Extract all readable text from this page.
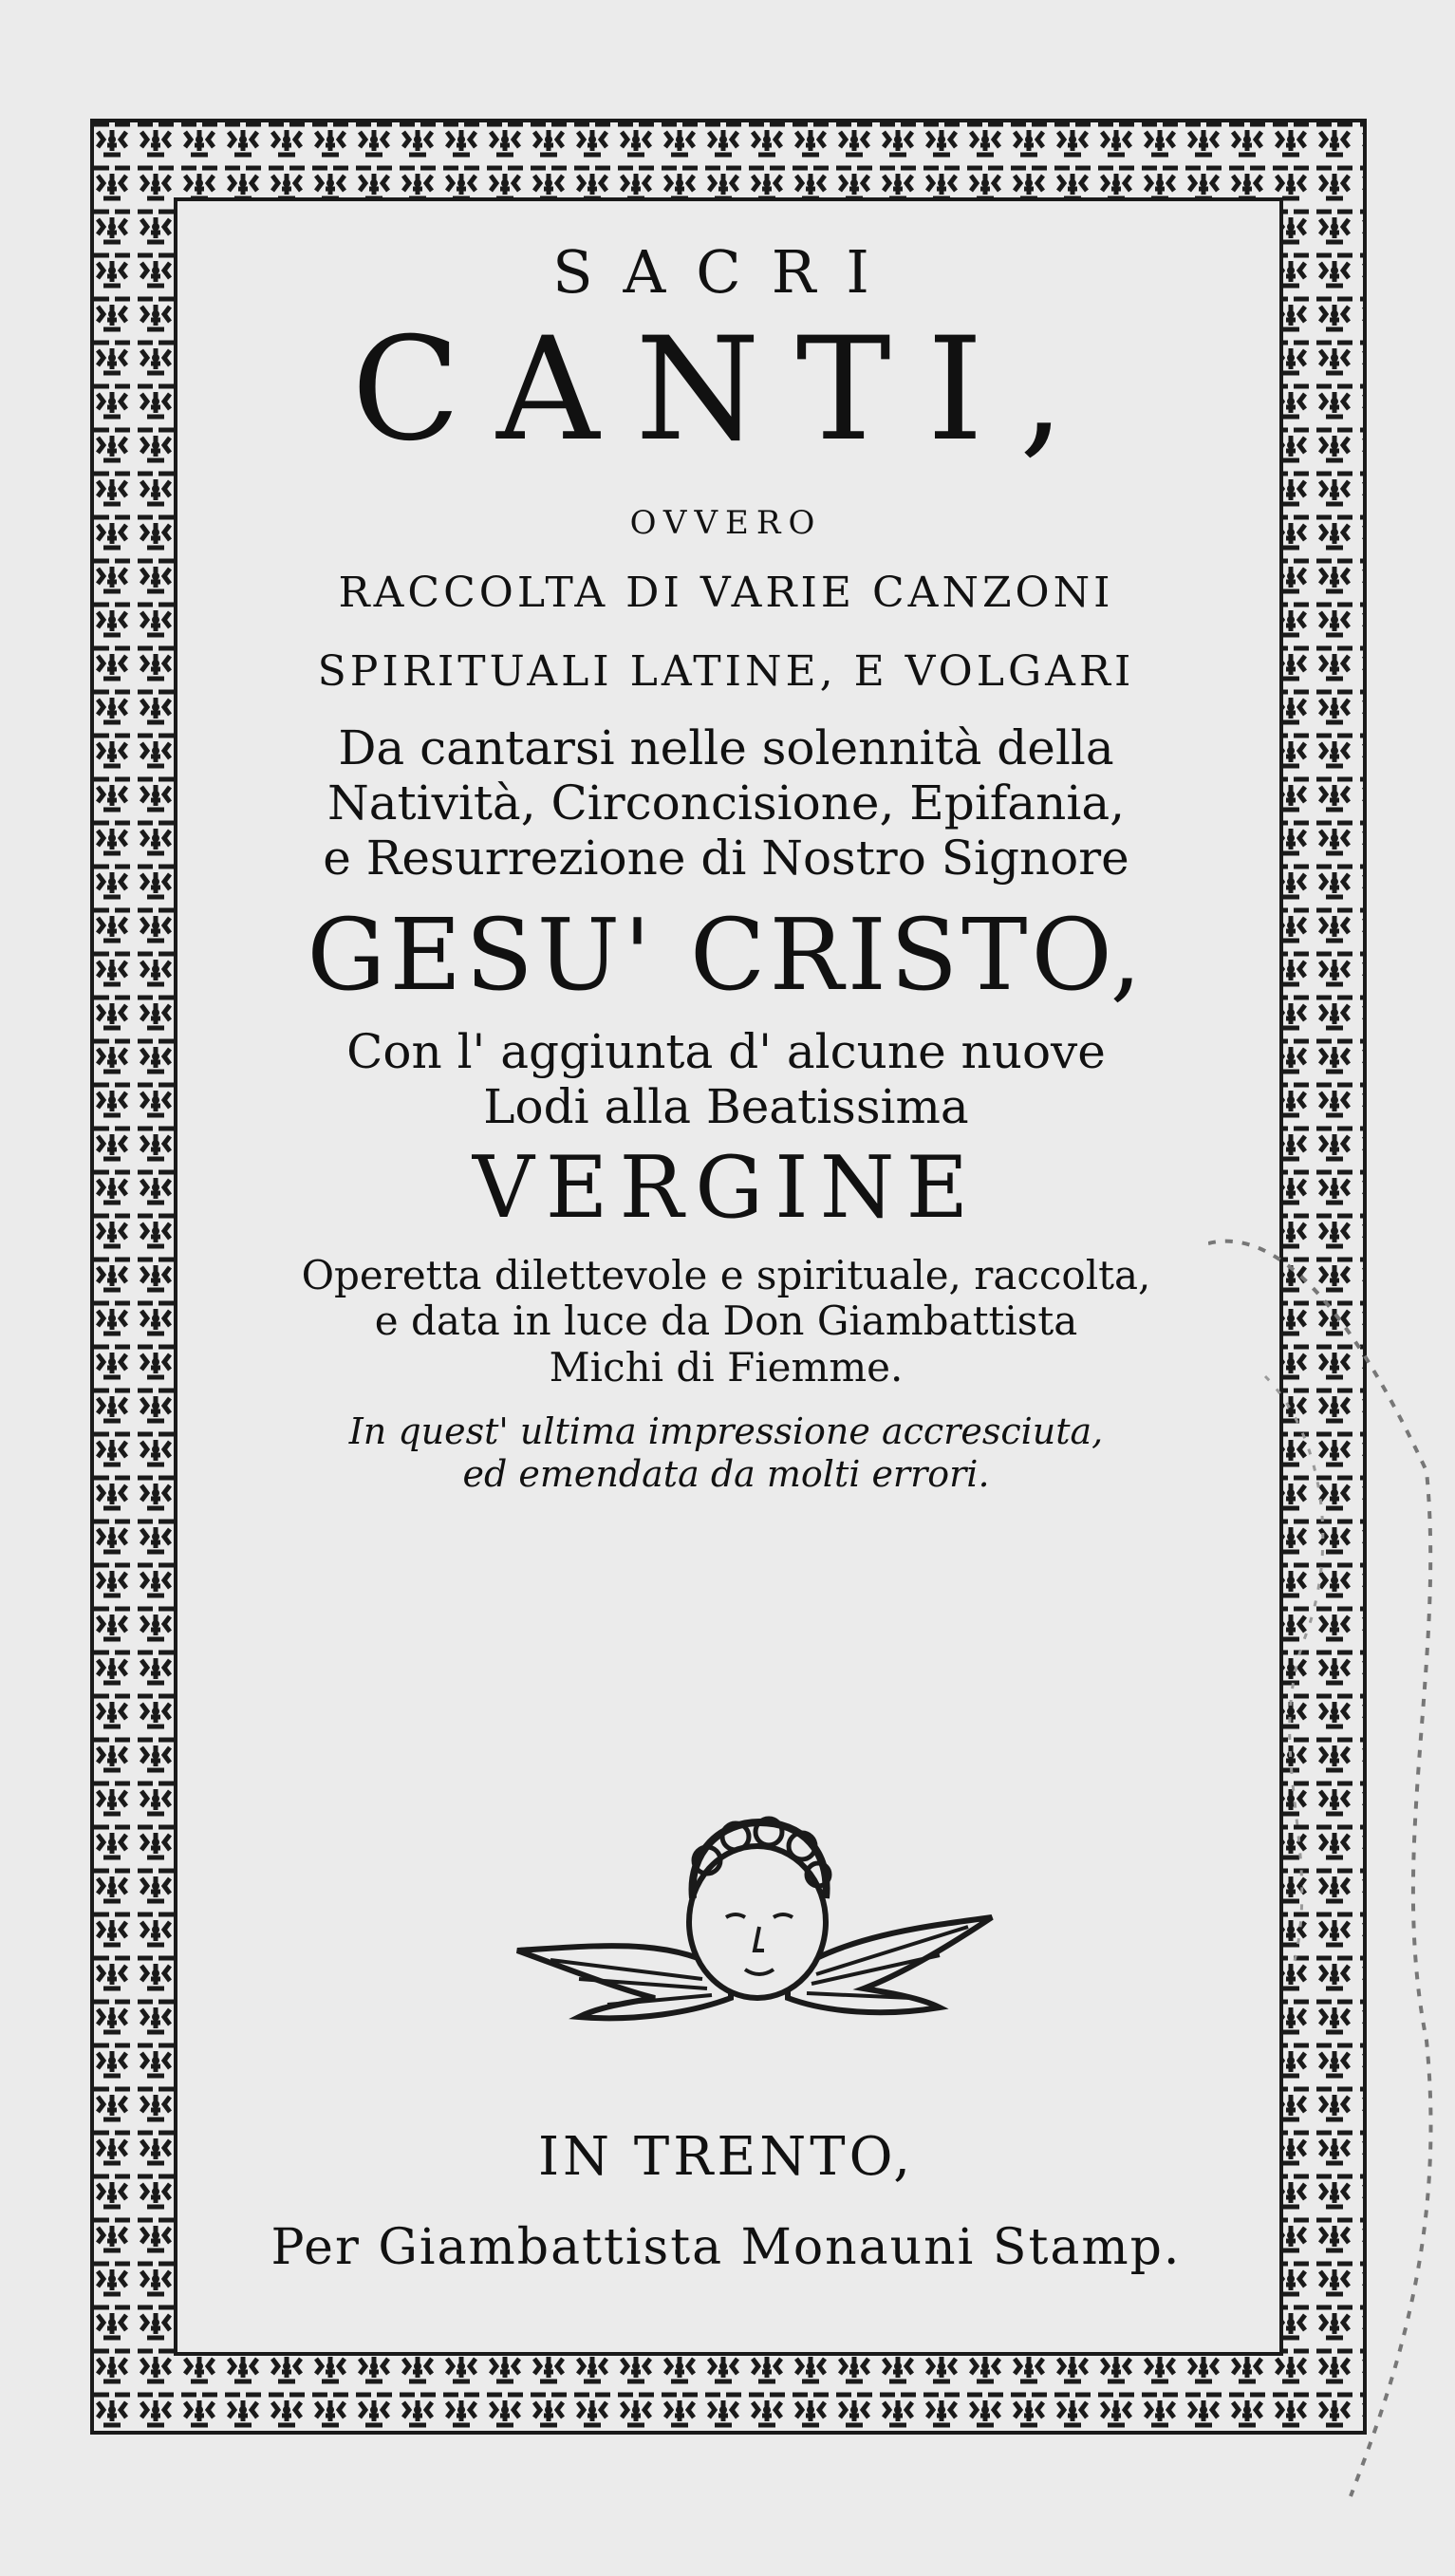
SACRI
CANTI,
OVVERO
RACCOLTA DI VARIE CANZONI
SPIRITUALI LATINE, E VOLGARI
Da cantarsi nelle solennità della
Natività, Circoncisione, Epifania,
e Resurrezione di Nostro Signore
GESU' CRISTO,
Con l' aggiunta d' alcune nuove
Lodi alla Beatissima
VERGINE
Operetta dilettevole e spirituale, raccolta,
e data in luce da Don Giambattista
Michi di Fiemme.
In quest' ultima impressione accresciuta,
ed emendata da molti errori.
IN TRENTO,
Per Giambattista Monauni Stamp.
